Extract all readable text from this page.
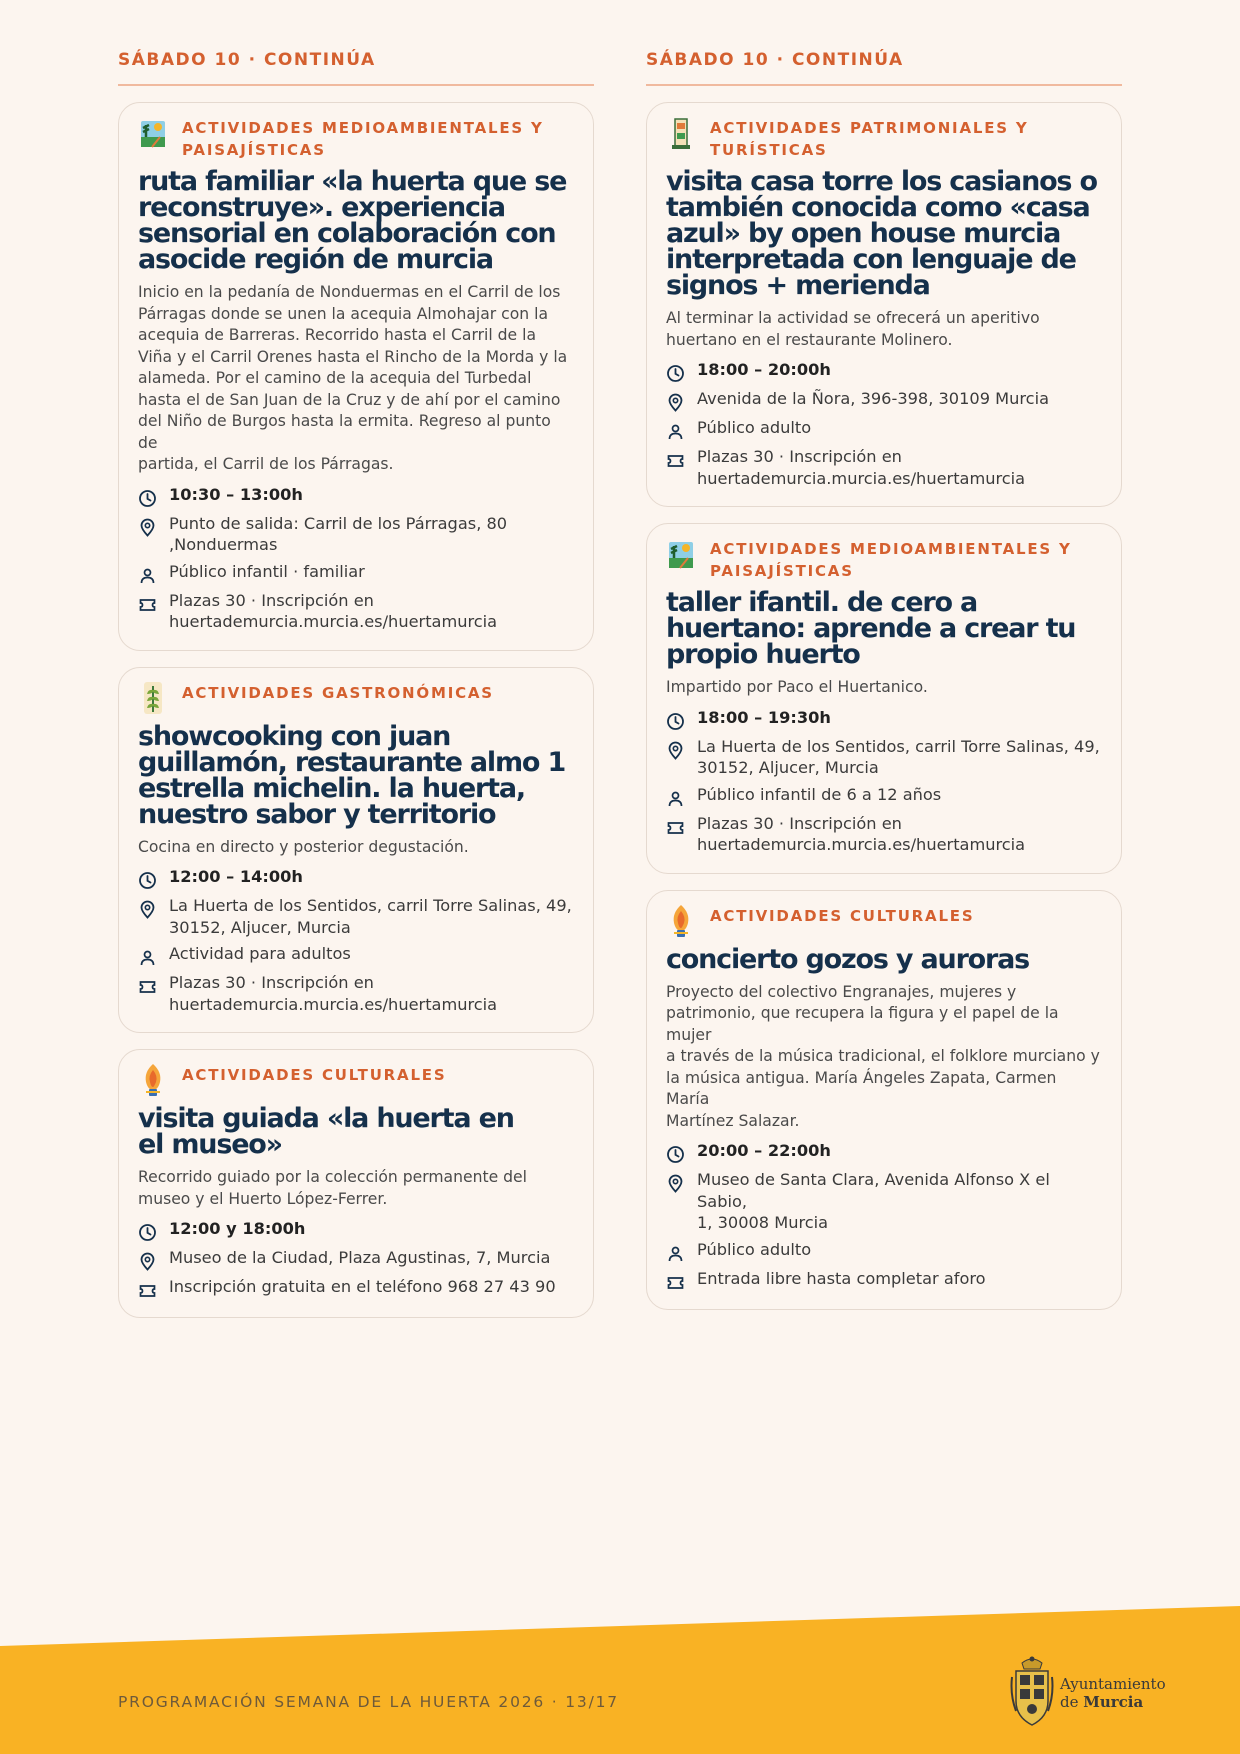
SÁBADO 10 · CONTINÚA
ACTIVIDADES MEDIOAMBIENTALES Y
PAISAJÍSTICAS
ruta familiar «la huerta que se
reconstruye». experiencia
sensorial en colaboración con
asocide región de murcia
Inicio en la pedanía de Nonduermas en el Carril de los
Párragas donde se unen la acequia Almohajar con la
acequia de Barreras. Recorrido hasta el Carril de la
Viña y el Carril Orenes hasta el Rincho de la Morda y la
alameda. Por el camino de la acequia del Turbedal
hasta el de San Juan de la Cruz y de ahí por el camino
del Niño de Burgos hasta la ermita. Regreso al punto de
partida, el Carril de los Párragas.
10:30 – 13:00h
Punto de salida: Carril de los Párragas, 80
,Nonduermas
Público infantil · familiar
Plazas 30 · Inscripción en
huertademurcia.murcia.es/huertamurcia
ACTIVIDADES GASTRONÓMICAS
showcooking con juan
guillamón, restaurante almo 1
estrella michelin. la huerta,
nuestro sabor y territorio
Cocina en directo y posterior degustación.
12:00 – 14:00h
La Huerta de los Sentidos, carril Torre Salinas, 49,
30152, Aljucer, Murcia
Actividad para adultos
Plazas 30 · Inscripción en
huertademurcia.murcia.es/huertamurcia
ACTIVIDADES CULTURALES
visita guiada «la huerta en
el museo»
Recorrido guiado por la colección permanente del
museo y el Huerto López-Ferrer.
12:00 y 18:00h
Museo de la Ciudad, Plaza Agustinas, 7, Murcia
Inscripción gratuita en el teléfono 968 27 43 90
SÁBADO 10 · CONTINÚA
ACTIVIDADES PATRIMONIALES Y
TURÍSTICAS
visita casa torre los casianos o
también conocida como «casa
azul» by open house murcia
interpretada con lenguaje de
signos + merienda
Al terminar la actividad se ofrecerá un aperitivo
huertano en el restaurante Molinero.
18:00 – 20:00h
Avenida de la Ñora, 396-398, 30109 Murcia
Público adulto
Plazas 30 · Inscripción en
huertademurcia.murcia.es/huertamurcia
ACTIVIDADES MEDIOAMBIENTALES Y
PAISAJÍSTICAS
taller ifantil. de cero a
huertano: aprende a crear tu
propio huerto
Impartido por Paco el Huertanico.
18:00 – 19:30h
La Huerta de los Sentidos, carril Torre Salinas, 49,
30152, Aljucer, Murcia
Público infantil de 6 a 12 años
Plazas 30 · Inscripción en
huertademurcia.murcia.es/huertamurcia
ACTIVIDADES CULTURALES
concierto gozos y auroras
Proyecto del colectivo Engranajes, mujeres y
patrimonio, que recupera la figura y el papel de la mujer
a través de la música tradicional, el folklore murciano y
la música antigua. María Ángeles Zapata, Carmen María
Martínez Salazar.
20:00 – 22:00h
Museo de Santa Clara, Avenida Alfonso X el Sabio,
1, 30008 Murcia
Público adulto
Entrada libre hasta completar aforo
PROGRAMACIÓN SEMANA DE LA HUERTA 2026 · 13/17
Ayuntamiento
de Murcia
